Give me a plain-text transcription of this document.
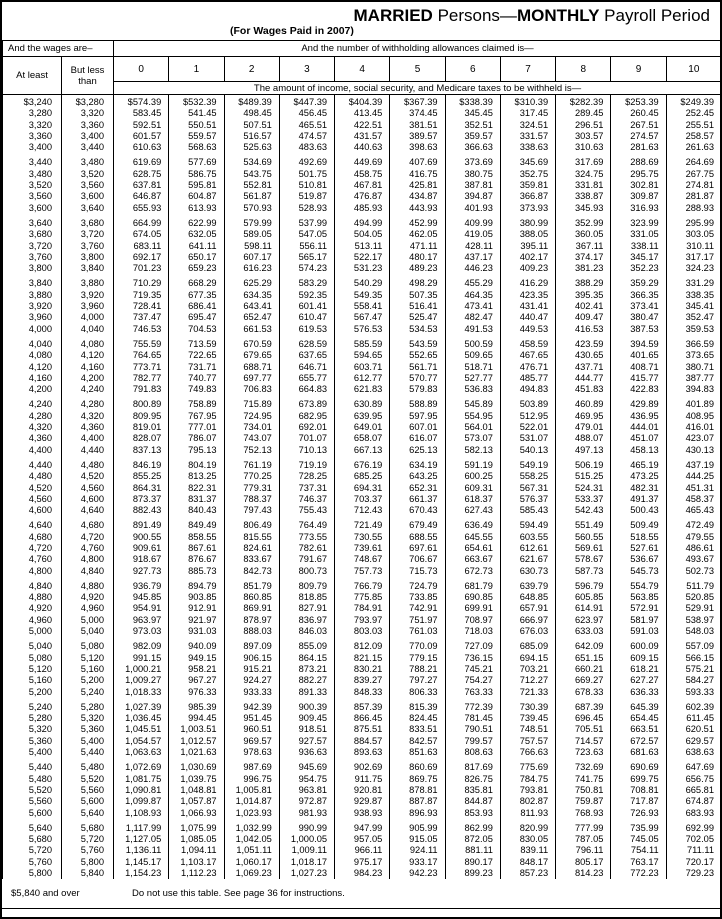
MARRIED Persons—MONTHLY Payroll Period
(For Wages Paid in 2007)
And the wages are–		And the number of withholding allowances claimed is—										
At least	But less than	0	1	2	3	4	5	6	7	8	9	10
		The amount of income, social security, and Medicare taxes to be withheld is—										
$3,240	$3,280	$574.39	$532.39	$489.39	$447.39	$404.39	$367.39	$338.39	$310.39	$282.39	$253.39	$249.39
3,280	3,320	583.45	541.45	498.45	456.45	413.45	374.45	345.45	317.45	289.45	260.45	252.45
3,320	3,360	592.51	550.51	507.51	465.51	422.51	381.51	352.51	324.51	296.51	267.51	255.51
3,360	3,400	601.57	559.57	516.57	474.57	431.57	389.57	359.57	331.57	303.57	274.57	258.57
3,400	3,440	610.63	568.63	525.63	483.63	440.63	398.63	366.63	338.63	310.63	281.63	261.63

3,440	3,480	619.69	577.69	534.69	492.69	449.69	407.69	373.69	345.69	317.69	288.69	264.69
3,480	3,520	628.75	586.75	543.75	501.75	458.75	416.75	380.75	352.75	324.75	295.75	267.75
3,520	3,560	637.81	595.81	552.81	510.81	467.81	425.81	387.81	359.81	331.81	302.81	274.81
3,560	3,600	646.87	604.87	561.87	519.87	476.87	434.87	394.87	366.87	338.87	309.87	281.87
3,600	3,640	655.93	613.93	570.93	528.93	485.93	443.93	401.93	373.93	345.93	316.93	288.93

3,640	3,680	664.99	622.99	579.99	537.99	494.99	452.99	409.99	380.99	352.99	323.99	295.99
3,680	3,720	674.05	632.05	589.05	547.05	504.05	462.05	419.05	388.05	360.05	331.05	303.05
3,720	3,760	683.11	641.11	598.11	556.11	513.11	471.11	428.11	395.11	367.11	338.11	310.11
3,760	3,800	692.17	650.17	607.17	565.17	522.17	480.17	437.17	402.17	374.17	345.17	317.17
3,800	3,840	701.23	659.23	616.23	574.23	531.23	489.23	446.23	409.23	381.23	352.23	324.23

3,840	3,880	710.29	668.29	625.29	583.29	540.29	498.29	455.29	416.29	388.29	359.29	331.29
3,880	3,920	719.35	677.35	634.35	592.35	549.35	507.35	464.35	423.35	395.35	366.35	338.35
3,920	3,960	728.41	686.41	643.41	601.41	558.41	516.41	473.41	431.41	402.41	373.41	345.41
3,960	4,000	737.47	695.47	652.47	610.47	567.47	525.47	482.47	440.47	409.47	380.47	352.47
4,000	4,040	746.53	704.53	661.53	619.53	576.53	534.53	491.53	449.53	416.53	387.53	359.53

4,040	4,080	755.59	713.59	670.59	628.59	585.59	543.59	500.59	458.59	423.59	394.59	366.59
4,080	4,120	764.65	722.65	679.65	637.65	594.65	552.65	509.65	467.65	430.65	401.65	373.65
4,120	4,160	773.71	731.71	688.71	646.71	603.71	561.71	518.71	476.71	437.71	408.71	380.71
4,160	4,200	782.77	740.77	697.77	655.77	612.77	570.77	527.77	485.77	444.77	415.77	387.77
4,200	4,240	791.83	749.83	706.83	664.83	621.83	579.83	536.83	494.83	451.83	422.83	394.83

4,240	4,280	800.89	758.89	715.89	673.89	630.89	588.89	545.89	503.89	460.89	429.89	401.89
4,280	4,320	809.95	767.95	724.95	682.95	639.95	597.95	554.95	512.95	469.95	436.95	408.95
4,320	4,360	819.01	777.01	734.01	692.01	649.01	607.01	564.01	522.01	479.01	444.01	416.01
4,360	4,400	828.07	786.07	743.07	701.07	658.07	616.07	573.07	531.07	488.07	451.07	423.07
4,400	4,440	837.13	795.13	752.13	710.13	667.13	625.13	582.13	540.13	497.13	458.13	430.13

4,440	4,480	846.19	804.19	761.19	719.19	676.19	634.19	591.19	549.19	506.19	465.19	437.19
4,480	4,520	855.25	813.25	770.25	728.25	685.25	643.25	600.25	558.25	515.25	473.25	444.25
4,520	4,560	864.31	822.31	779.31	737.31	694.31	652.31	609.31	567.31	524.31	482.31	451.31
4,560	4,600	873.37	831.37	788.37	746.37	703.37	661.37	618.37	576.37	533.37	491.37	458.37
4,600	4,640	882.43	840.43	797.43	755.43	712.43	670.43	627.43	585.43	542.43	500.43	465.43

4,640	4,680	891.49	849.49	806.49	764.49	721.49	679.49	636.49	594.49	551.49	509.49	472.49
4,680	4,720	900.55	858.55	815.55	773.55	730.55	688.55	645.55	603.55	560.55	518.55	479.55
4,720	4,760	909.61	867.61	824.61	782.61	739.61	697.61	654.61	612.61	569.61	527.61	486.61
4,760	4,800	918.67	876.67	833.67	791.67	748.67	706.67	663.67	621.67	578.67	536.67	493.67
4,800	4,840	927.73	885.73	842.73	800.73	757.73	715.73	672.73	630.73	587.73	545.73	502.73

4,840	4,880	936.79	894.79	851.79	809.79	766.79	724.79	681.79	639.79	596.79	554.79	511.79
4,880	4,920	945.85	903.85	860.85	818.85	775.85	733.85	690.85	648.85	605.85	563.85	520.85
4,920	4,960	954.91	912.91	869.91	827.91	784.91	742.91	699.91	657.91	614.91	572.91	529.91
4,960	5,000	963.97	921.97	878.97	836.97	793.97	751.97	708.97	666.97	623.97	581.97	538.97
5,000	5,040	973.03	931.03	888.03	846.03	803.03	761.03	718.03	676.03	633.03	591.03	548.03

5,040	5,080	982.09	940.09	897.09	855.09	812.09	770.09	727.09	685.09	642.09	600.09	557.09
5,080	5,120	991.15	949.15	906.15	864.15	821.15	779.15	736.15	694.15	651.15	609.15	566.15
5,120	5,160	1,000.21	958.21	915.21	873.21	830.21	788.21	745.21	703.21	660.21	618.21	575.21
5,160	5,200	1,009.27	967.27	924.27	882.27	839.27	797.27	754.27	712.27	669.27	627.27	584.27
5,200	5,240	1,018.33	976.33	933.33	891.33	848.33	806.33	763.33	721.33	678.33	636.33	593.33

5,240	5,280	1,027.39	985.39	942.39	900.39	857.39	815.39	772.39	730.39	687.39	645.39	602.39
5,280	5,320	1,036.45	994.45	951.45	909.45	866.45	824.45	781.45	739.45	696.45	654.45	611.45
5,320	5,360	1,045.51	1,003.51	960.51	918.51	875.51	833.51	790.51	748.51	705.51	663.51	620.51
5,360	5,400	1,054.57	1,012.57	969.57	927.57	884.57	842.57	799.57	757.57	714.57	672.57	629.57
5,400	5,440	1,063.63	1,021.63	978.63	936.63	893.63	851.63	808.63	766.63	723.63	681.63	638.63

5,440	5,480	1,072.69	1,030.69	987.69	945.69	902.69	860.69	817.69	775.69	732.69	690.69	647.69
5,480	5,520	1,081.75	1,039.75	996.75	954.75	911.75	869.75	826.75	784.75	741.75	699.75	656.75
5,520	5,560	1,090.81	1,048.81	1,005.81	963.81	920.81	878.81	835.81	793.81	750.81	708.81	665.81
5,560	5,600	1,099.87	1,057.87	1,014.87	972.87	929.87	887.87	844.87	802.87	759.87	717.87	674.87
5,600	5,640	1,108.93	1,066.93	1,023.93	981.93	938.93	896.93	853.93	811.93	768.93	726.93	683.93

5,640	5,680	1,117.99	1,075.99	1,032.99	990.99	947.99	905.99	862.99	820.99	777.99	735.99	692.99
5,680	5,720	1,127.05	1,085.05	1,042.05	1,000.05	957.05	915.05	872.05	830.05	787.05	745.05	702.05
5,720	5,760	1,136.11	1,094.11	1,051.11	1,009.11	966.11	924.11	881.11	839.11	796.11	754.11	711.11
5,760	5,800	1,145.17	1,103.17	1,060.17	1,018.17	975.17	933.17	890.17	848.17	805.17	763.17	720.17
5,800	5,840	1,154.23	1,112.23	1,069.23	1,027.23	984.23	942.23	899.23	857.23	814.23	772.23	729.23
$5,840 and over	Do not use this table. See page 36 for instructions.
